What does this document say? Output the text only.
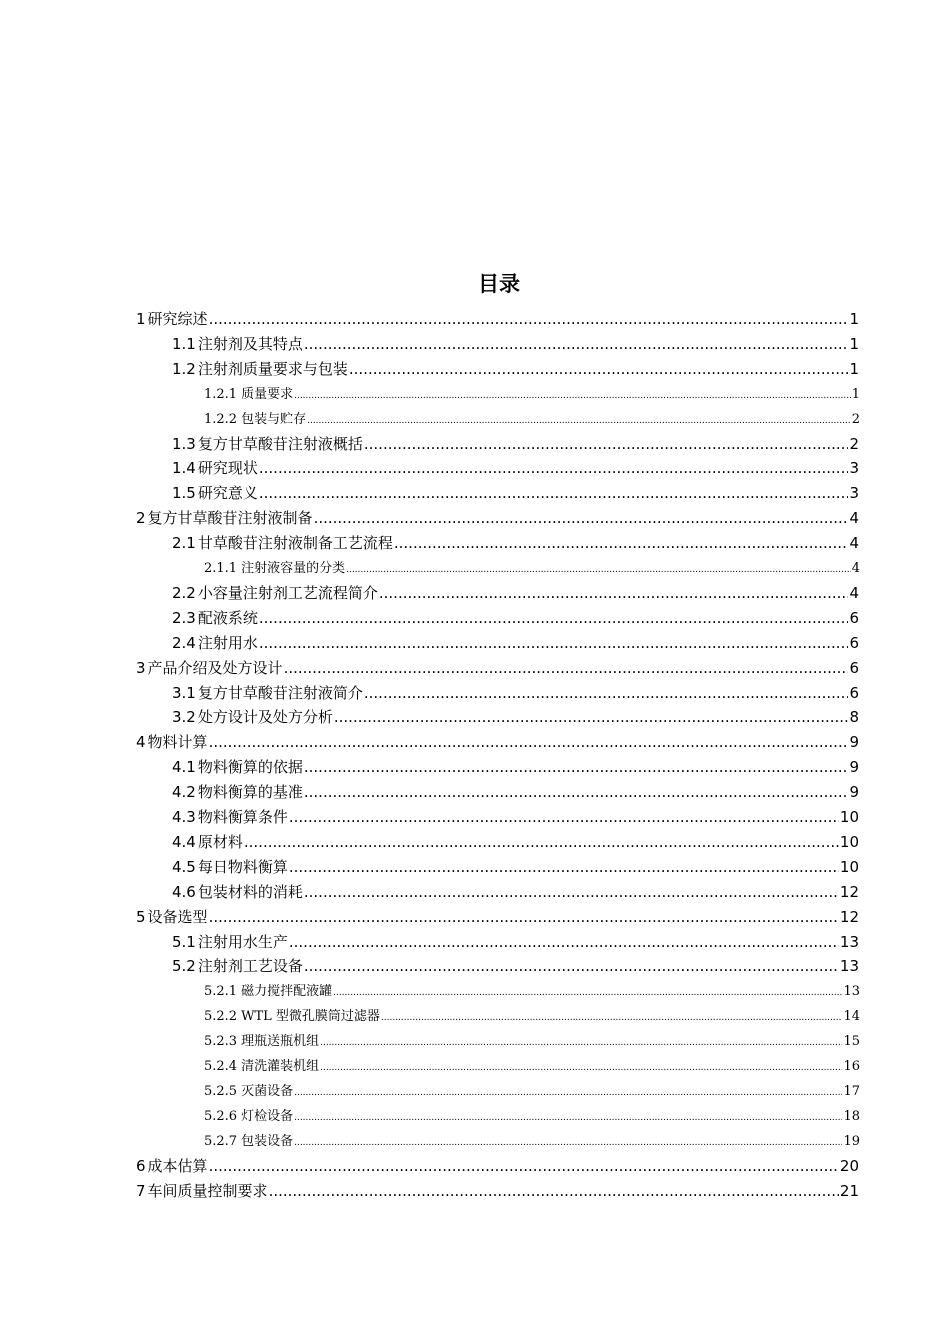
目录
1 研究综述 .....	1
1.1 注射剂及其特点 .....	1
1.2 注射剂质量要求与包装 .....	1
1.2.1 质量要求 .....	1
1.2.2 包装与贮存 .....	2
1.3 复方甘草酸苷注射液概括 .....	2
1.4 研究现状 .....	3
1.5 研究意义 .....	3
2 复方甘草酸苷注射液制备 .....	4
2.1 甘草酸苷注射液制备工艺流程 .....	4
2.1.1 注射液容量的分类 .....	4
2.2 小容量注射剂工艺流程简介 .....	4
2.3 配液系统 .....	6
2.4 注射用水 .....	6
3 产品介绍及处方设计 .....	6
3.1 复方甘草酸苷注射液简介 .....	6
3.2 处方设计及处方分析 .....	8
4 物料计算 .....	9
4.1 物料衡算的依据 .....	9
4.2 物料衡算的基准 .....	9
4.3 物料衡算条件 .....	10
4.4 原材料 .....	10
4.5 每日物料衡算 .....	10
4.6 包装材料的消耗 .....	12
5 设备选型 .....	12
5.1 注射用水生产 .....	13
5.2 注射剂工艺设备 .....	13
5.2.1 磁力搅拌配液罐 .....	13
5.2.2 WTL 型微孔膜筒过滤器 .....	14
5.2.3 理瓶送瓶机组 .....	15
5.2.4 清洗灌装机组 .....	16
5.2.5 灭菌设备 .....	17
5.2.6 灯检设备 .....	18
5.2.7 包装设备 .....	19
6 成本估算 .....	20
7 车间质量控制要求 .....	21
